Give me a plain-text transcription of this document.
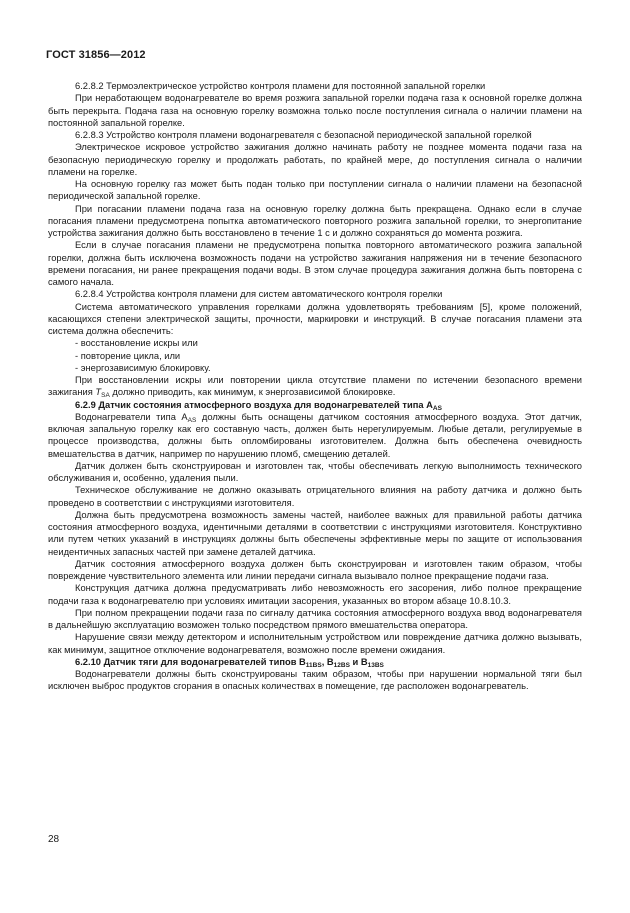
ГОСТ 31856—2012

6.2.8.2 Термоэлектрическое устройство контроля пламени для постоянной запальной горелки

При неработающем водонагревателе во время розжига запальной горелки подача газа к основной горелке должна быть перекрыта. Подача газа на основную горелку возможна только после поступления сигнала о наличии пламени на постоянной запальной горелке.

6.2.8.3 Устройство контроля пламени водонагревателя с безопасной периодической запальной горелкой

Электрическое искровое устройство зажигания должно начинать работу не позднее момента подачи газа на безопасную периодическую горелку и продолжать работать, по крайней мере, до поступления сигнала о наличии пламени на горелке.

На основную горелку газ может быть подан только при поступлении сигнала о наличии пламени на безопасной периодической запальной горелке.

При погасании пламени подача газа на основную горелку должна быть прекращена. Однако если в случае погасания пламени предусмотрена попытка автоматического повторного розжига запальной горелки, то энергопитание устройства зажигания должно быть восстановлено в течение 1 с и должно сохраняться до момента розжига.

Если в случае погасания пламени не предусмотрена попытка повторного автоматического розжига запальной горелки, должна быть исключена возможность подачи на устройство зажигания напряжения ни в течение безопасного времени погасания, ни ранее прекращения подачи воды. В этом случае процедура зажигания должна быть повторена с самого начала.

6.2.8.4 Устройства контроля пламени для систем автоматического контроля горелки

Система автоматического управления горелками должна удовлетворять требованиям [5], кроме положений, касающихся степени электрической защиты, прочности, маркировки и инструкций. В случае погасания пламени эта система должна обеспечить:

- восстановление искры или

- повторение цикла, или

- энергозависимую блокировку.

При восстановлении искры или повторении цикла отсутствие пламени по истечении безопасного времени зажигания $T_{SA}$ должно приводить, как минимум, к энергозависимой блокировке.

6.2.9 Датчик состояния атмосферного воздуха для водонагревателей типа $A_{AS}$

Водонагреватели типа $A_{AS}$ должны быть оснащены датчиком состояния атмосферного воздуха. Этот датчик, включая запальную горелку как его составную часть, должен быть нерегулируемым. Любые детали, регулируемые в процессе производства, должны быть опломбированы изготовителем. Должна быть обеспечена очевидность вмешательства в датчик, например по нарушению пломб, смещению деталей.

Датчик должен быть сконструирован и изготовлен так, чтобы обеспечивать легкую выполнимость технического обслуживания и, особенно, удаления пыли.

Техническое обслуживание не должно оказывать отрицательного влияния на работу датчика и должно быть проведено в соответствии с инструкциями изготовителя.

Должна быть предусмотрена возможность замены частей, наиболее важных для правильной работы датчика состояния атмосферного воздуха, идентичными деталями в соответствии с инструкциями изготовителя. Конструктивно или путем четких указаний в инструкциях должны быть обеспечены эффективные меры по защите от использования неидентичных запасных частей при замене деталей датчика.

Датчик состояния атмосферного воздуха должен быть сконструирован и изготовлен таким образом, чтобы повреждение чувствительного элемента или линии передачи сигнала вызывало полное прекращение подачи газа.

Конструкция датчика должна предусматривать либо невозможность его засорения, либо полное прекращение подачи газа к водонагревателю при условиях имитации засорения, указанных во втором абзаце 10.8.10.3.

При полном прекращении подачи газа по сигналу датчика состояния атмосферного воздуха ввод водонагревателя в дальнейшую эксплуатацию возможен только посредством прямого вмешательства оператора.

Нарушение связи между детектором и исполнительным устройством или повреждение датчика должно вызывать, как минимум, защитное отключение водонагревателя, возможно после времени ожидания.

6.2.10 Датчик тяги для водонагревателей типов $B_{11BS}$, $B_{12BS}$ и $B_{13BS}$

Водонагреватели должны быть сконструированы таким образом, чтобы при нарушении нормальной тяги был исключен выброс продуктов сгорания в опасных количествах в помещение, где расположен водонагреватель.

28
